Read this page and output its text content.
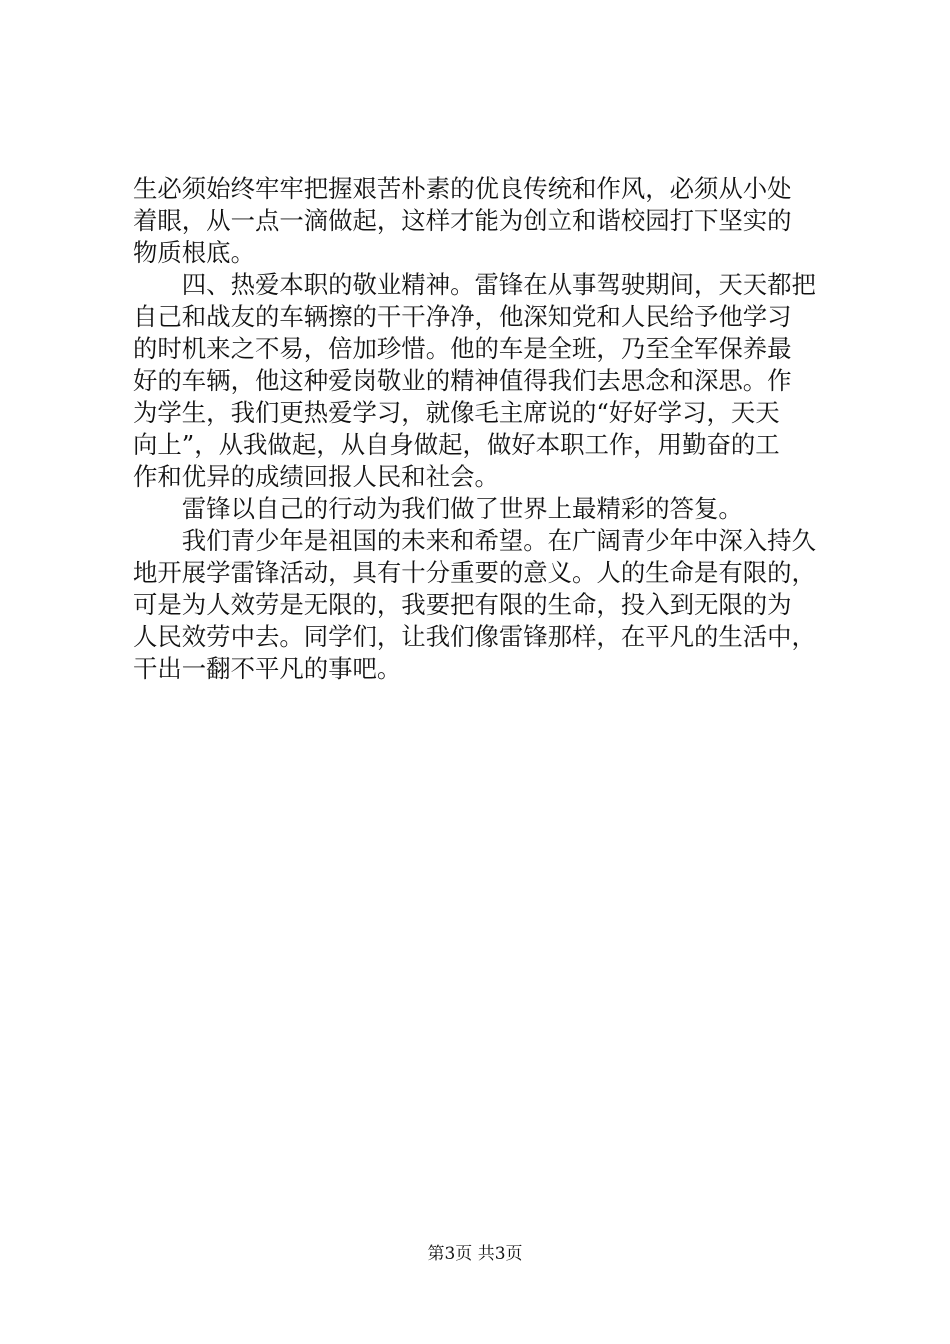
生必须始终牢牢把握艰苦朴素的优良传统和作风，必须从小处
着眼，从一点一滴做起，这样才能为创立和谐校园打下坚实的
物质根底。
　　四、热爱本职的敬业精神。雷锋在从事驾驶期间，天天都把
自己和战友的车辆擦的干干净净，他深知党和人民给予他学习
的时机来之不易，倍加珍惜。他的车是全班，乃至全军保养最
好的车辆，他这种爱岗敬业的精神值得我们去思念和深思。作
为学生，我们更热爱学习，就像毛主席说的“好好学习，天天
向上”，从我做起，从自身做起，做好本职工作，用勤奋的工
作和优异的成绩回报人民和社会。
　　雷锋以自己的行动为我们做了世界上最精彩的答复。
　　我们青少年是祖国的未来和希望。在广阔青少年中深入持久
地开展学雷锋活动，具有十分重要的意义。人的生命是有限的，
可是为人效劳是无限的，我要把有限的生命，投入到无限的为
人民效劳中去。同学们，让我们像雷锋那样，在平凡的生活中，
干出一翻不平凡的事吧。
第3页 共3页
